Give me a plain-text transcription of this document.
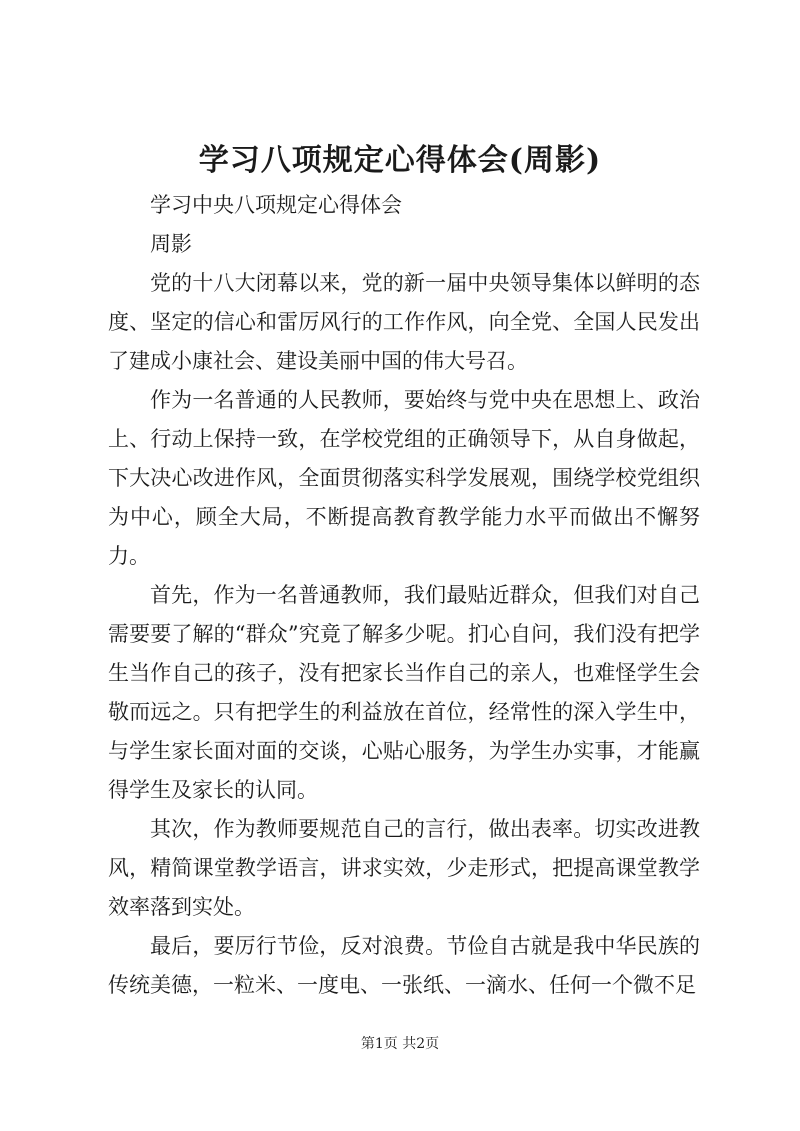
学习八项规定心得体会(周影)

学习中央八项规定心得体会

周影

党的十八大闭幕以来，党的新一届中央领导集体以鲜明的态度、坚定的信心和雷厉风行的工作作风，向全党、全国人民发出了建成小康社会、建设美丽中国的伟大号召。

作为一名普通的人民教师，要始终与党中央在思想上、政治上、行动上保持一致，在学校党组的正确领导下，从自身做起，下大决心改进作风，全面贯彻落实科学发展观，围绕学校党组织为中心，顾全大局，不断提高教育教学能力水平而做出不懈努力。

首先，作为一名普通教师，我们最贴近群众，但我们对自己需要要了解的“群众”究竟了解多少呢。扪心自问，我们没有把学生当作自己的孩子，没有把家长当作自己的亲人，也难怪学生会敬而远之。只有把学生的利益放在首位，经常性的深入学生中，与学生家长面对面的交谈，心贴心服务，为学生办实事，才能赢得学生及家长的认同。

其次，作为教师要规范自己的言行，做出表率。切实改进教风，精简课堂教学语言，讲求实效，少走形式，把提高课堂教学效率落到实处。

最后，要厉行节俭，反对浪费。节俭自古就是我中华民族的传统美德，一粒米、一度电、一张纸、一滴水、任何一个微不足

第1页 共2页
